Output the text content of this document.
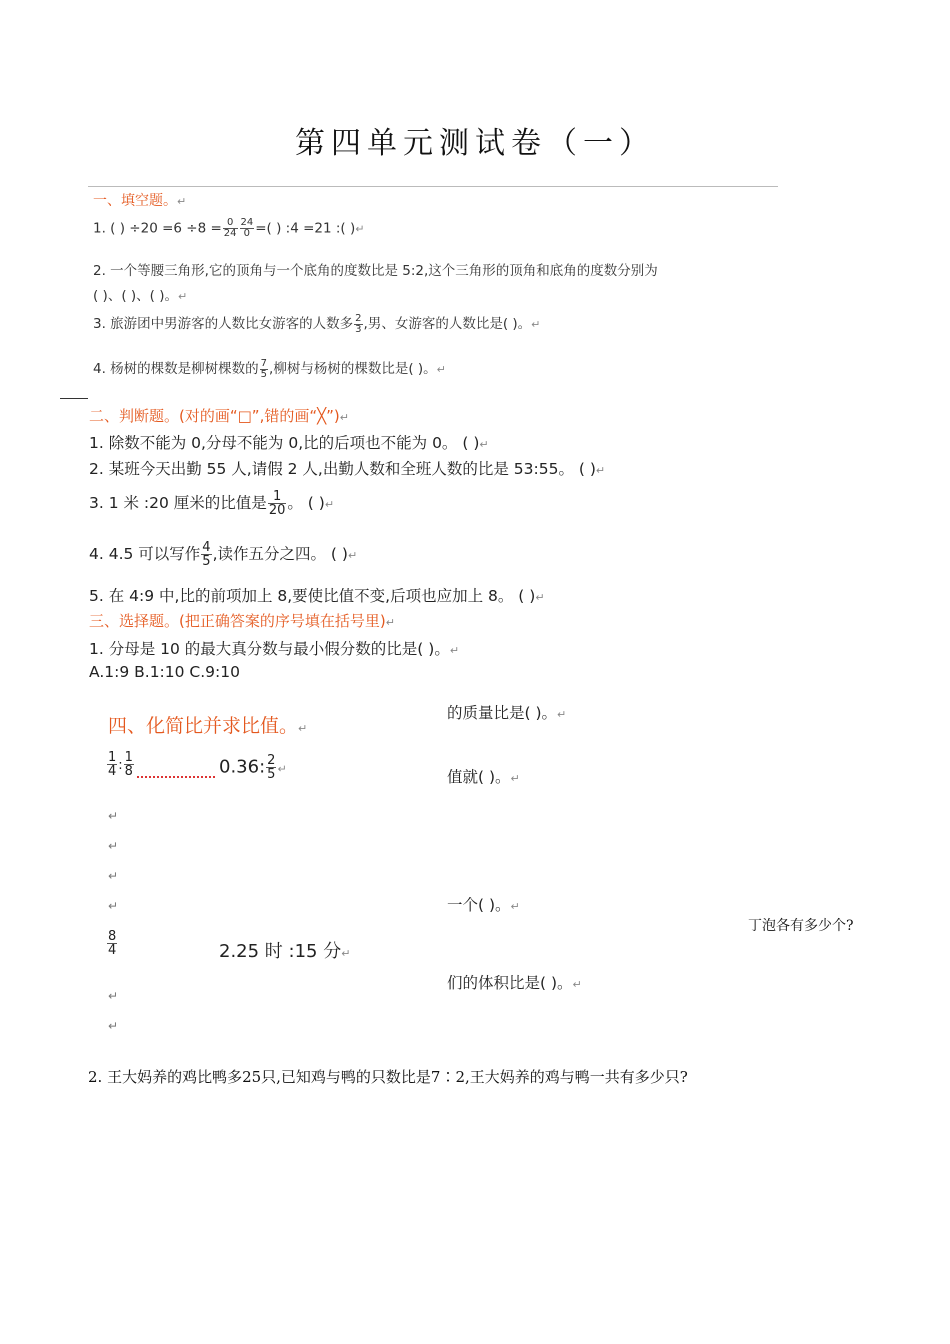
第四单元测试卷（一）
一、填空题。↵
1. ( ) $\div 20 =6 \div 8 = \frac{0}{24} \frac{24}{0}$ =( ) :4 =21 :( )↵
2. 一个等腰三角形,它的顶角与一个底角的度数比是 5:2,这个三角形的顶角和底角的度数分别为
( )、( )、( )。↵
3. 旅游团中男游客的人数比女游客的人数多 $\frac{2}{3}$ ,男、女游客的人数比是( )。↵
4. 杨树的棵数是柳树棵数的 $\frac{7}{5}$ ,柳树与杨树的棵数比是( )。↵
二、判断题。(对的画“□”,错的画“╳”)↵
1. 除数不能为 0,分母不能为 0,比的后项也不能为 0。 ( )↵
2. 某班今天出勤 55 人,请假 2 人,出勤人数和全班人数的比是 53:55。 ( )↵
3. 1 米 :20 厘米的比值是 $\frac{1}{20}$ 。 ( )↵
4. 4.5 可以写作 $\frac{4}{5}$ ,读作五分之四。 ( )↵
5. 在 4:9 中,比的前项加上 8,要使比值不变,后项也应加上 8。 ( )↵
三、选择题。(把正确答案的序号填在括号里)↵
1. 分母是 10 的最大真分数与最小假分数的比是( )。↵
A.1:9 B.1:10 C.9:10
的质量比是( )。↵
值就( )。↵
一个( )。↵
们的体积比是( )。↵
四、化简比并求比值。↵
$\frac{1}{4}$ : $\frac{1}{8}$	0.36: $\frac{2}{5}$ ↵
↵
↵
↵
↵
$\frac{8}{4}$	2.25 时 :15 分↵
↵
↵
丁泡各有多少个?
2. 王大妈养的鸡比鸭多25只,已知鸡与鸭的只数比是7∶2,王大妈养的鸡与鸭一共有多少只?
